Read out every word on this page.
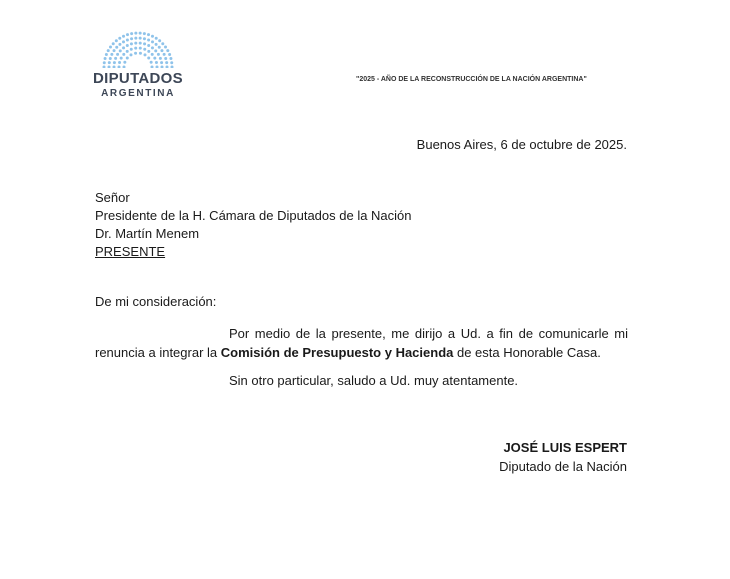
DIPUTADOS
ARGENTINA
"2025 - AÑO DE LA RECONSTRUCCIÓN DE LA NACIÓN ARGENTINA"
Buenos Aires, 6 de octubre de 2025.
Señor
Presidente de la H. Cámara de Diputados de la Nación
Dr. Martín Menem
PRESENTE
De mi consideración:
Por medio de la presente, me dirijo a Ud. a fin de comunicarle mi
renuncia a integrar la Comisión de Presupuesto y Hacienda de esta Honorable Casa.
Sin otro particular, saludo a Ud. muy atentamente.
JOSÉ LUIS ESPERT
Diputado de la Nación
